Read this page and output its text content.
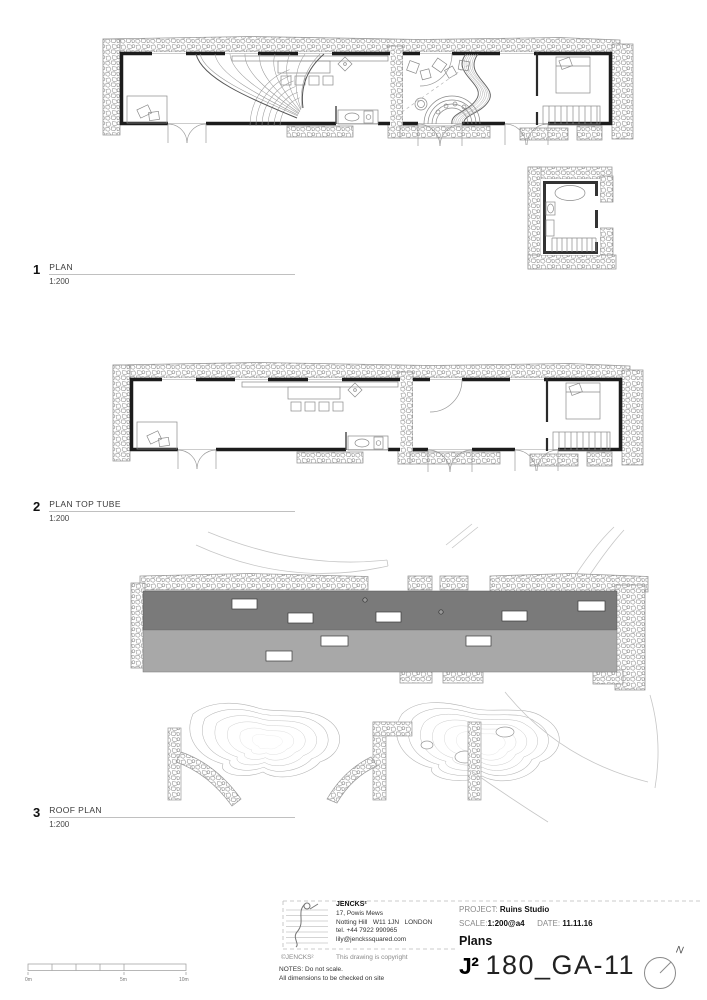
1 PLAN
1:200
2 PLAN TOP TUBE
1:200
3 ROOF PLAN
1:200
JENCKS²
17, Powis Mews
Notting Hill   W11 1JN   LONDON
tel. +44 7922 990965
lily@jenckssquared.com
©JENCKS²	This drawing is copyright
NOTES: Do not scale.
All dimensions to be checked on site
PROJECT: Ruins Studio
SCALE:1:200@a4 DATE: 11.11.16
Plans
J² 180_GA-11	N
0m	5m	10m
